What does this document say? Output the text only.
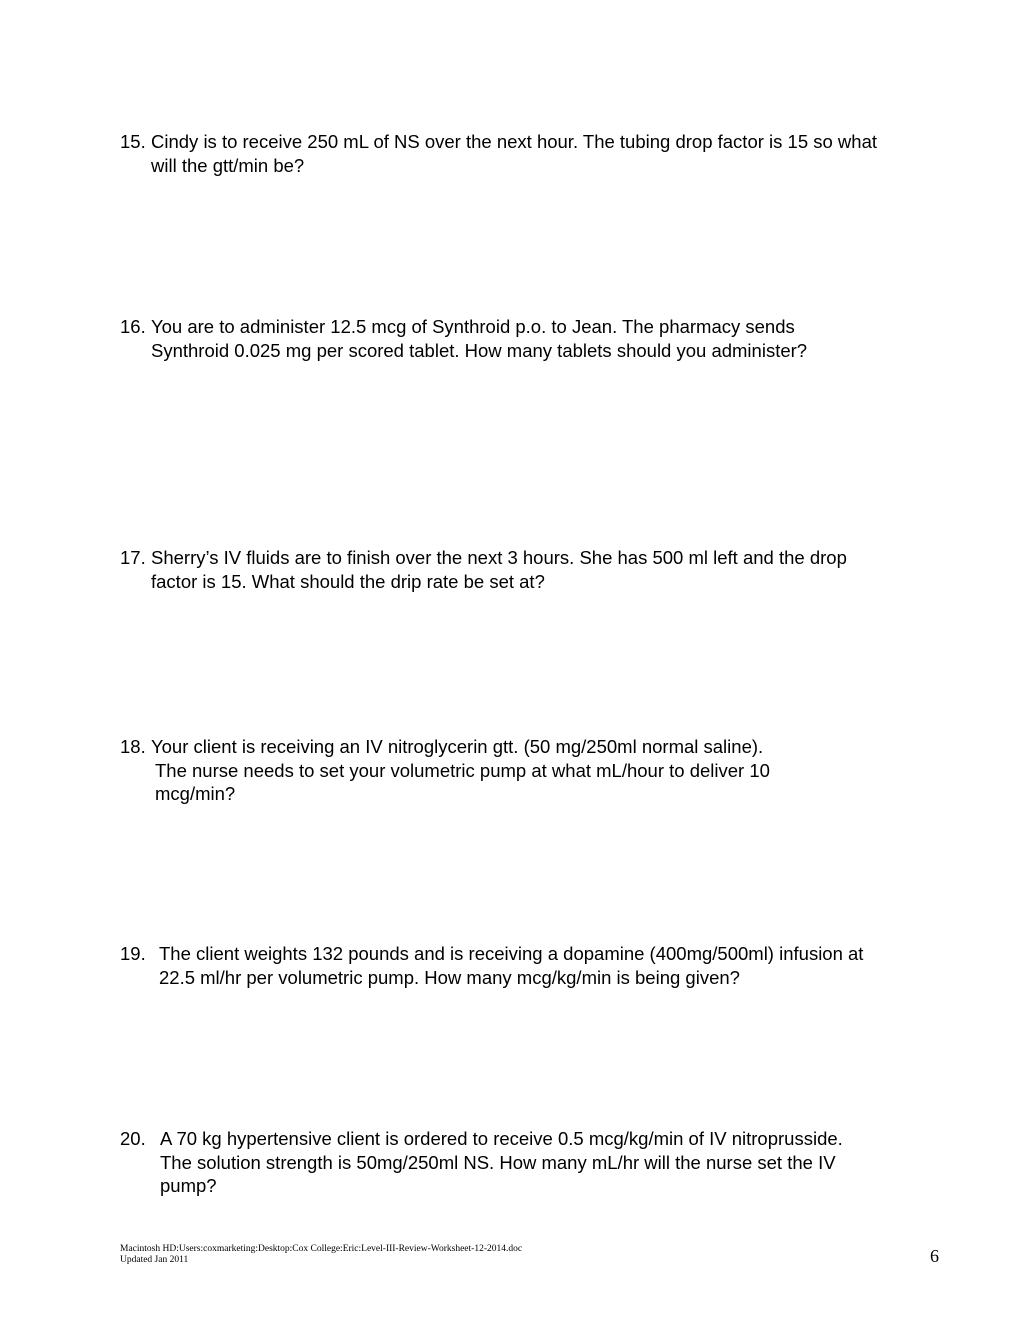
15. Cindy is to receive 250 mL of NS over the next hour. The tubing drop factor is 15 so what
will the gtt/min be?
16. You are to administer 12.5 mcg of Synthroid p.o. to Jean. The pharmacy sends
Synthroid 0.025 mg per scored tablet. How many tablets should you administer?
17. Sherry’s IV fluids are to finish over the next 3 hours. She has 500 ml left and the drop
factor is 15. What should the drip rate be set at?
18. Your client is receiving an IV nitroglycerin gtt. (50 mg/250ml normal saline).
The nurse needs to set your volumetric pump at what mL/hour to deliver 10
mcg/min?
19. The client weights 132 pounds and is receiving a dopamine (400mg/500ml) infusion at
22.5 ml/hr per volumetric pump. How many mcg/kg/min is being given?
20. A 70 kg hypertensive client is ordered to receive 0.5 mcg/kg/min of IV nitroprusside.
The solution strength is 50mg/250ml NS. How many mL/hr will the nurse set the IV
pump?
Macintosh HD:Users:coxmarketing:Desktop:Cox College:Eric:Level-III-Review-Worksheet-12-2014.doc
Updated Jan 2011	6
